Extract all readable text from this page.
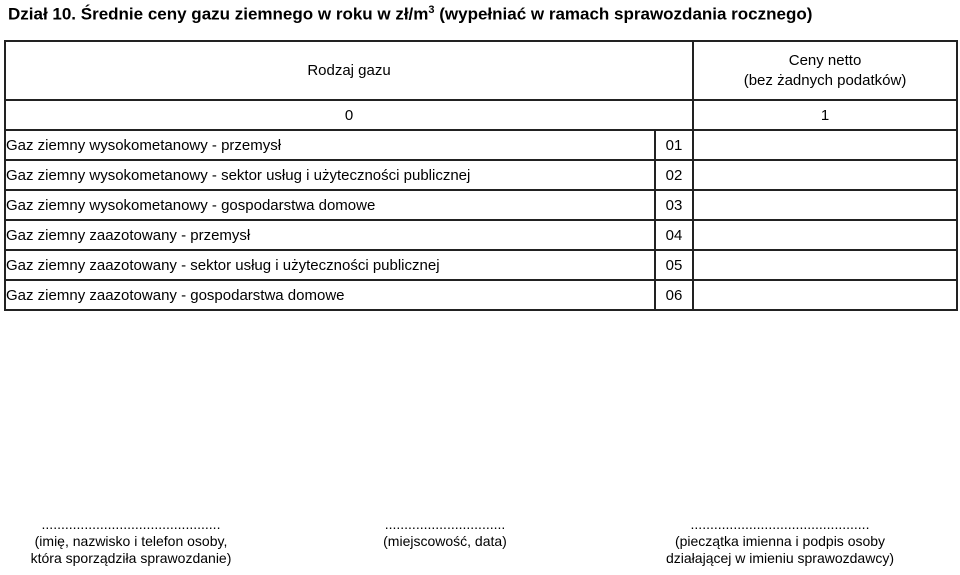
Dział 10. Średnie ceny gazu ziemnego w roku w $zł/m^3$ (wypełniać w ramach sprawozdania rocznego)
Rodzaj gazu		Ceny netto
(bez żadnych podatków)

0		1
Gaz ziemny wysokometanowy - przemysł	01	
Gaz ziemny wysokometanowy - sektor usług i użyteczności publicznej	02	
Gaz ziemny wysokometanowy - gospodarstwa domowe	03	
Gaz ziemny zaazotowany - przemysł	04	
Gaz ziemny zaazotowany - sektor usług i użyteczności publicznej	05	
Gaz ziemny zaazotowany - gospodarstwa domowe	06	
..............................................
(imię, nazwisko i telefon osoby,
która sporządziła sprawozdanie)
...............................
(miejscowość, data)
..............................................
(pieczątka imienna i podpis osoby
działającej w imieniu sprawozdawcy)
